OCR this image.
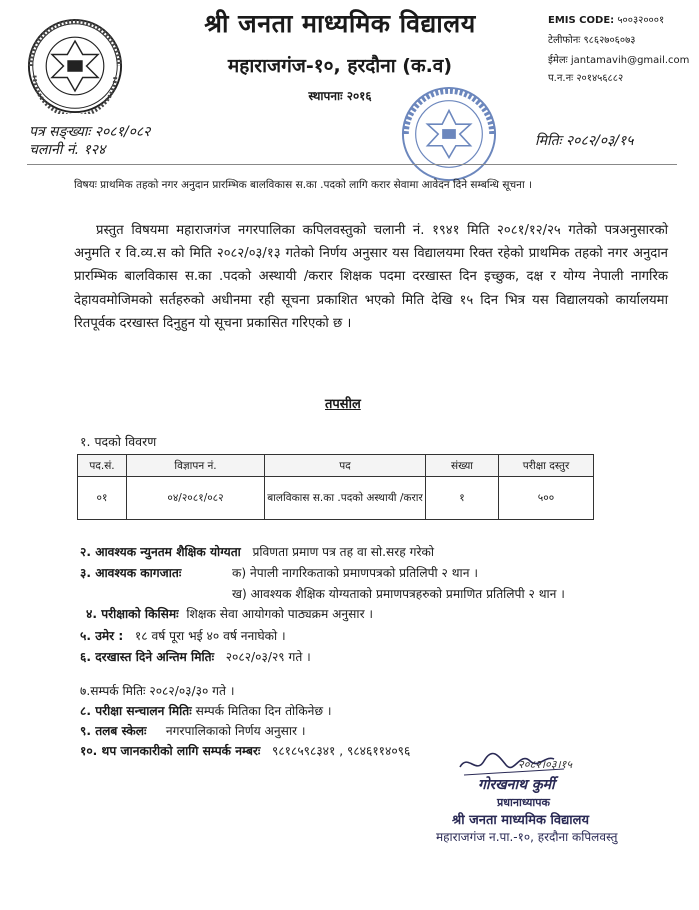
श्री जनता माध्यमिक विद्यालय
महाराजगंज-१०, हरदौना (क.व)
स्थापनाः २०१६
EMIS CODE: ५००३२०००१
टेलीफोनः ९८६२७०६०७३
ईमेलः jantamavih@gmail.com
प.न.नः २०१४५६८८२
पत्र सङ्ख्याः २०८१/०८२
चलानी नं. १२४
मितिः २०८२/०३/१५
विषयः प्राथमिक तहको नगर अनुदान प्रारम्भिक बालविकास स.का .पदको लागि करार सेवामा आवेदन दिने सम्बन्धि सूचना ।
प्रस्तुत विषयमा महाराजगंज नगरपालिका कपिलवस्तुको चलानी नं. १९४१ मिति २०८१/१२/२५ गतेको पत्रअनुसारको अनुमति र वि.व्य.स को मिति २०८२/०३/१३ गतेको निर्णय अनुसार यस विद्यालयमा रिक्त रहेको प्राथमिक तहको नगर अनुदान प्रारम्भिक बालविकास स.का .पदको अस्थायी /करार शिक्षक पदमा दरखास्त दिन इच्छुक, दक्ष र योग्य नेपाली नागरिक देहायवमोजिमको सर्तहरुको अधीनमा रही सूचना प्रकाशित भएको मिति देखि १५ दिन भित्र यस विद्यालयको कार्यालयमा रितपूर्वक दरखास्त दिनुहुन यो सूचना प्रकासित गरिएको छ ।
तपसील
१. पदको विवरण
पद.सं.	विज्ञापन नं.	पद	संख्या	परीक्षा दस्तुर
०१	०४/२०८१/०८२	बालविकास स.का .पदको अस्थायी /करार	१	५००
२. आवश्यक न्युनतम शैक्षिक योग्यता प्रविणता प्रमाण पत्र तह वा सो.सरह गरेको
३. आवश्यक कागजातः	क) नेपाली नागरिकताको प्रमाणपत्रको प्रतिलिपी २ थान ।
ख) आवश्यक शैक्षिक योग्यताको प्रमाणपत्रहरुको प्रमाणित प्रतिलिपी २ थान ।
४. परीक्षाको किसिमः शिक्षक सेवा आयोगको पाठ्यक्रम अनुसार ।
५. उमेर : १८ वर्ष पूरा भई ४० वर्ष ननाघेको ।
६. दरखास्त दिने अन्तिम मितिः २०८२/०३/२९ गते ।
७.सम्पर्क मितिः २०८२/०३/३० गते ।
८. परीक्षा सन्चालन मितिः सम्पर्क मितिका दिन तोकिनेछ ।
९. तलब स्केलः नगरपालिकाको निर्णय अनुसार ।
१०. थप जानकारीको लागि सम्पर्क नम्बरः ९८१८५९८३४१ , ९८४६११४०९६
२०८२।०३।१५
गोरखनाथ कुर्मी
प्रधानाध्यापक
श्री जनता माध्यमिक विद्यालय
महाराजगंज न.पा.-१०, हरदौना कपिलवस्तु
